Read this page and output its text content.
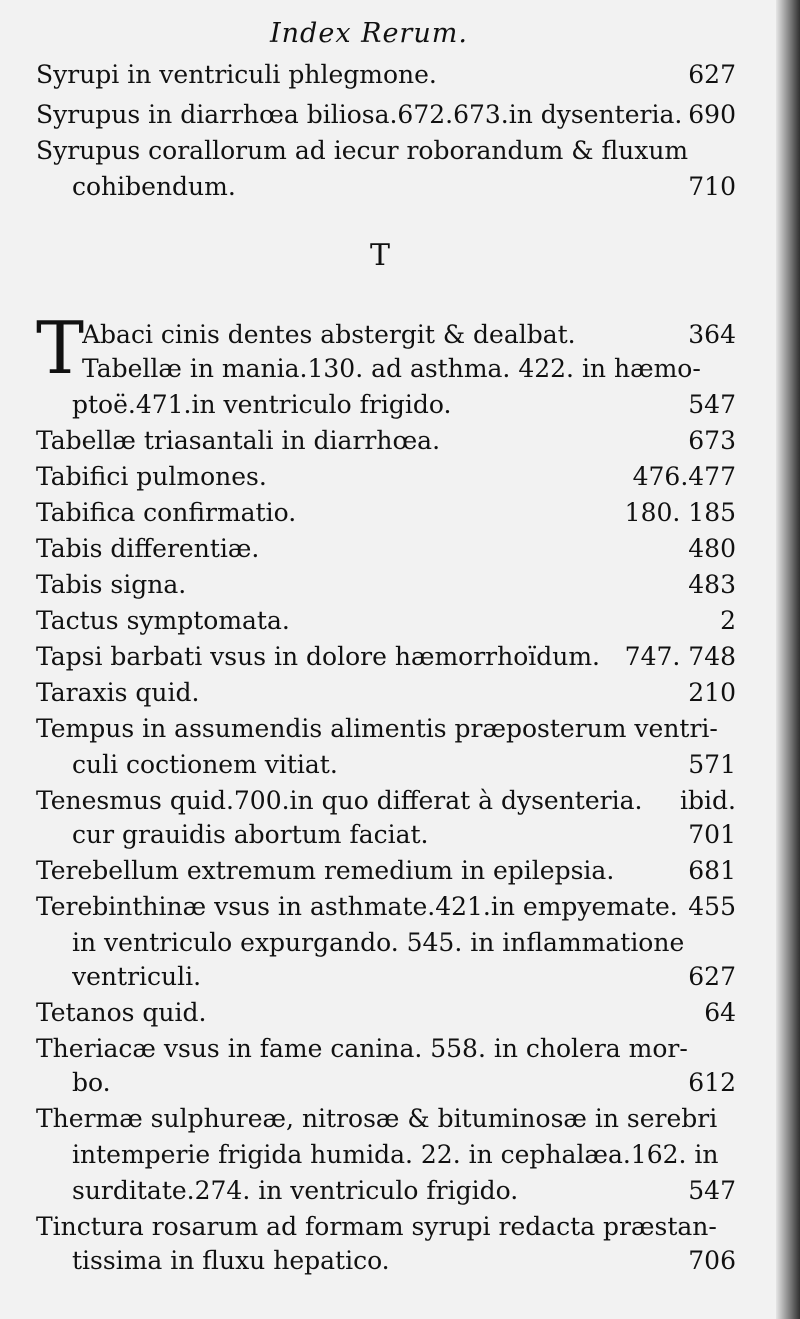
Index Rerum.
Syrupi in ventriculi phlegmone.	627
Syrupus in diarrhœa biliosa.672.673.in dysenteria. 690
Syrupus corallorum ad iecur roborandum & fluxum
cohibendum.	710
T
T
Abaci cinis dentes abstergit & dealbat.	364
Tabellæ in mania.130. ad asthma. 422. in hæmo-
ptoë.471.in ventriculo frigido.	547
Tabellæ triasantali in diarrhœa.	673
Tabifici pulmones.	476.477
Tabifica confirmatio.	180. 185
Tabis differentiæ.	480
Tabis signa.	483
Tactus symptomata.	2
Tapsi barbati vsus in dolore hæmorrhoïdum. 747. 748
Taraxis quid.	210
Tempus in assumendis alimentis præposterum ventri-
culi coctionem vitiat.	571
Tenesmus quid.700.in quo differat à dysenteria. ibid.
cur grauidis abortum faciat.	701
Terebellum extremum remedium in epilepsia.	681
Terebinthinæ vsus in asthmate.421.in empyemate. 455
in ventriculo expurgando. 545. in inflammatione
ventriculi.	627
Tetanos quid.	64
Theriacæ vsus in fame canina. 558. in cholera mor-
bo.	612
Thermæ sulphureæ, nitrosæ & bituminosæ in serebri
intemperie frigida humida. 22. in cephalæa.162. in
surditate.274. in ventriculo frigido.	547
Tinctura rosarum ad formam syrupi redacta præstan-
tissima in fluxu hepatico.	706
